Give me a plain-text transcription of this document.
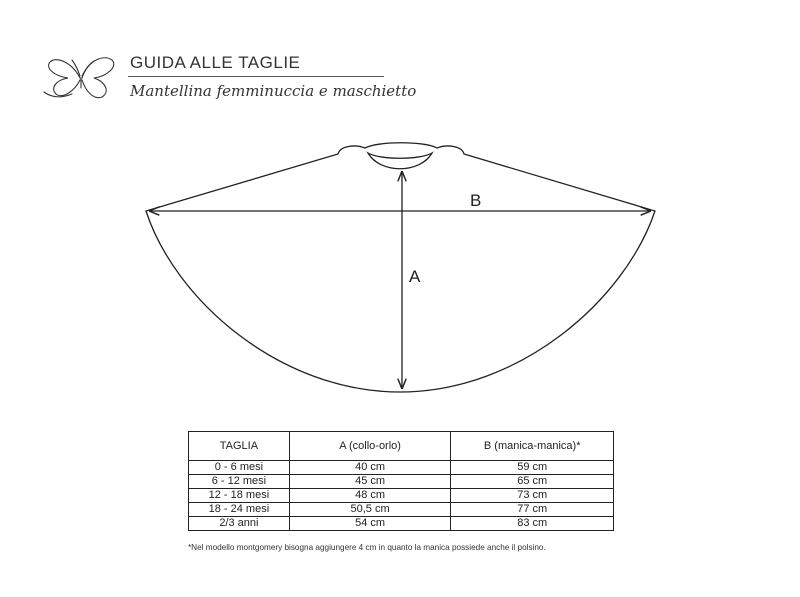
GUIDA ALLE TAGLIE
Mantellina femminuccia e maschietto
B
A
TAGLIA	A (collo-orlo)	B (manica-manica)*
0 - 6 mesi	40 cm	59 cm
6 - 12 mesi	45 cm	65 cm
12 - 18 mesi	48 cm	73 cm
18 - 24 mesi	50,5 cm	77 cm
2/3 anni	54 cm	83 cm
*Nel modello montgomery bisogna aggiungere 4 cm in quanto la manica possiede anche il polsino.
